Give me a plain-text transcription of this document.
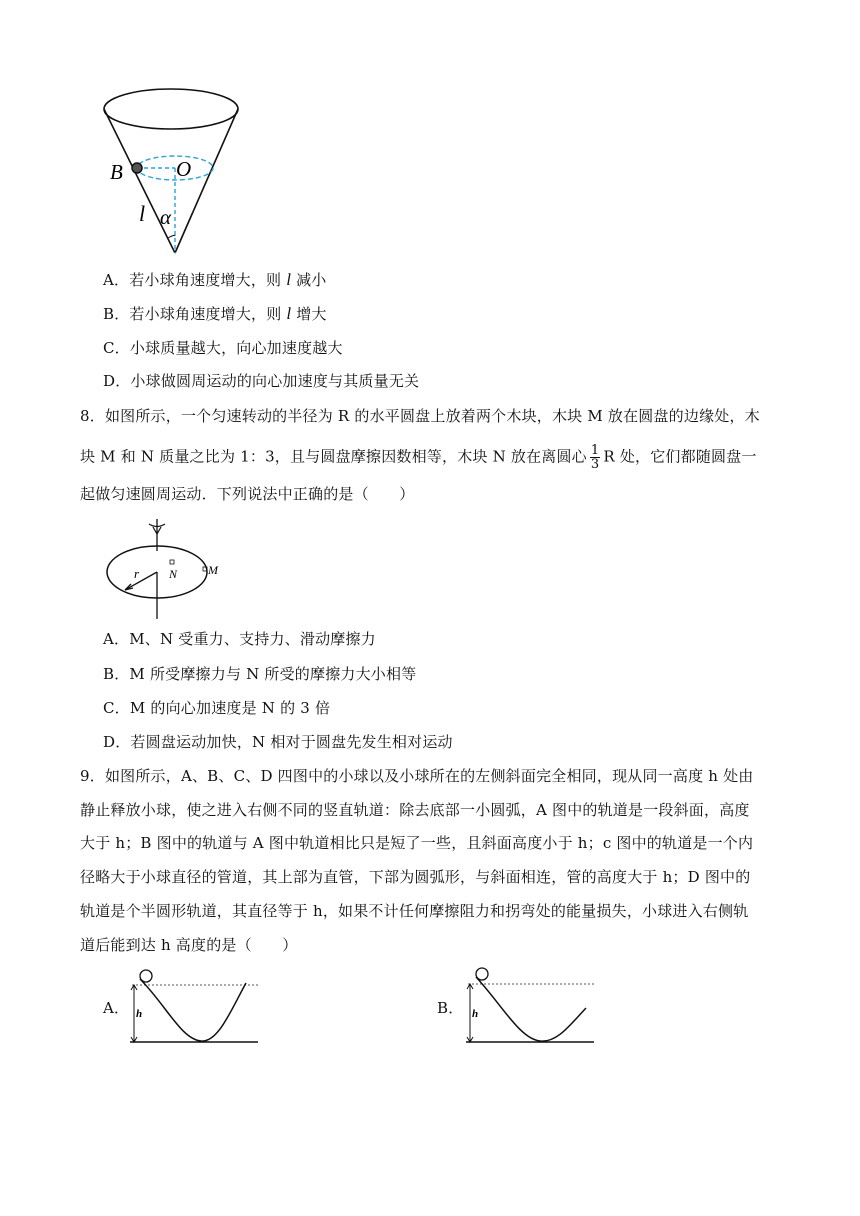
B	O
l α
A．若小球角速度增大，则 l 减小
B．若小球角速度增大，则 l 增大
C．小球质量越大，向心加速度越大
D．小球做圆周运动的向心加速度与其质量无关
8．如图所示，一个匀速转动的半径为 R 的水平圆盘上放着两个木块，木块 M 放在圆盘的边缘处，木
块 M 和 N 质量之比为 1：3，且与圆盘摩擦因数相等，木块 N 放在离圆心 $\frac{1}{3}$ R 处，它们都随圆盘一
起做匀速圆周运动．下列说法中正确的是（　　）
r N	M
A．M、N 受重力、支持力、滑动摩擦力
B．M 所受摩擦力与 N 所受的摩擦力大小相等
C．M 的向心加速度是 N 的 3 倍
D．若圆盘运动加快，N 相对于圆盘先发生相对运动
9．如图所示，A、B、C、D 四图中的小球以及小球所在的左侧斜面完全相同，现从同一高度 h 处由
静止释放小球，使之进入右侧不同的竖直轨道：除去底部一小圆弧，A 图中的轨道是一段斜面，高度
大于 h；B 图中的轨道与 A 图中轨道相比只是短了一些，且斜面高度小于 h；c 图中的轨道是一个内
径略大于小球直径的管道，其上部为直管，下部为圆弧形，与斜面相连，管的高度大于 h；D 图中的
轨道是个半圆形轨道，其直径等于 h，如果不计任何摩擦阻力和拐弯处的能量损失，小球进入右侧轨
道后能到达 h 高度的是（　　）
A． h	B． h
